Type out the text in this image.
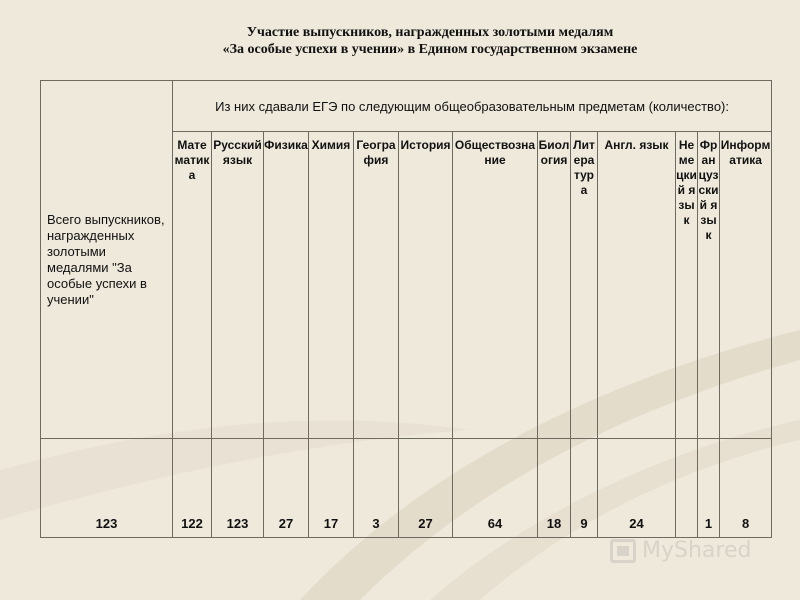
Участие выпускников, награжденных золотыми медалям
«За особые успехи в учении» в Едином государственном экзамене
Всего выпускников, награжденных золотыми медалями "За особые успехи в учении"	Из них сдавали ЕГЭ по следующим общеобразовательным предметам (количество):												
	Математика	Русский язык	Физика	Химия	География	История	Обществознание	Биология	Литература	Англ. язык	Немецкий язык	Французский язык	Информатика
123	122	123	27	17	3	27	64	18	9	24		1	8
MyShared
